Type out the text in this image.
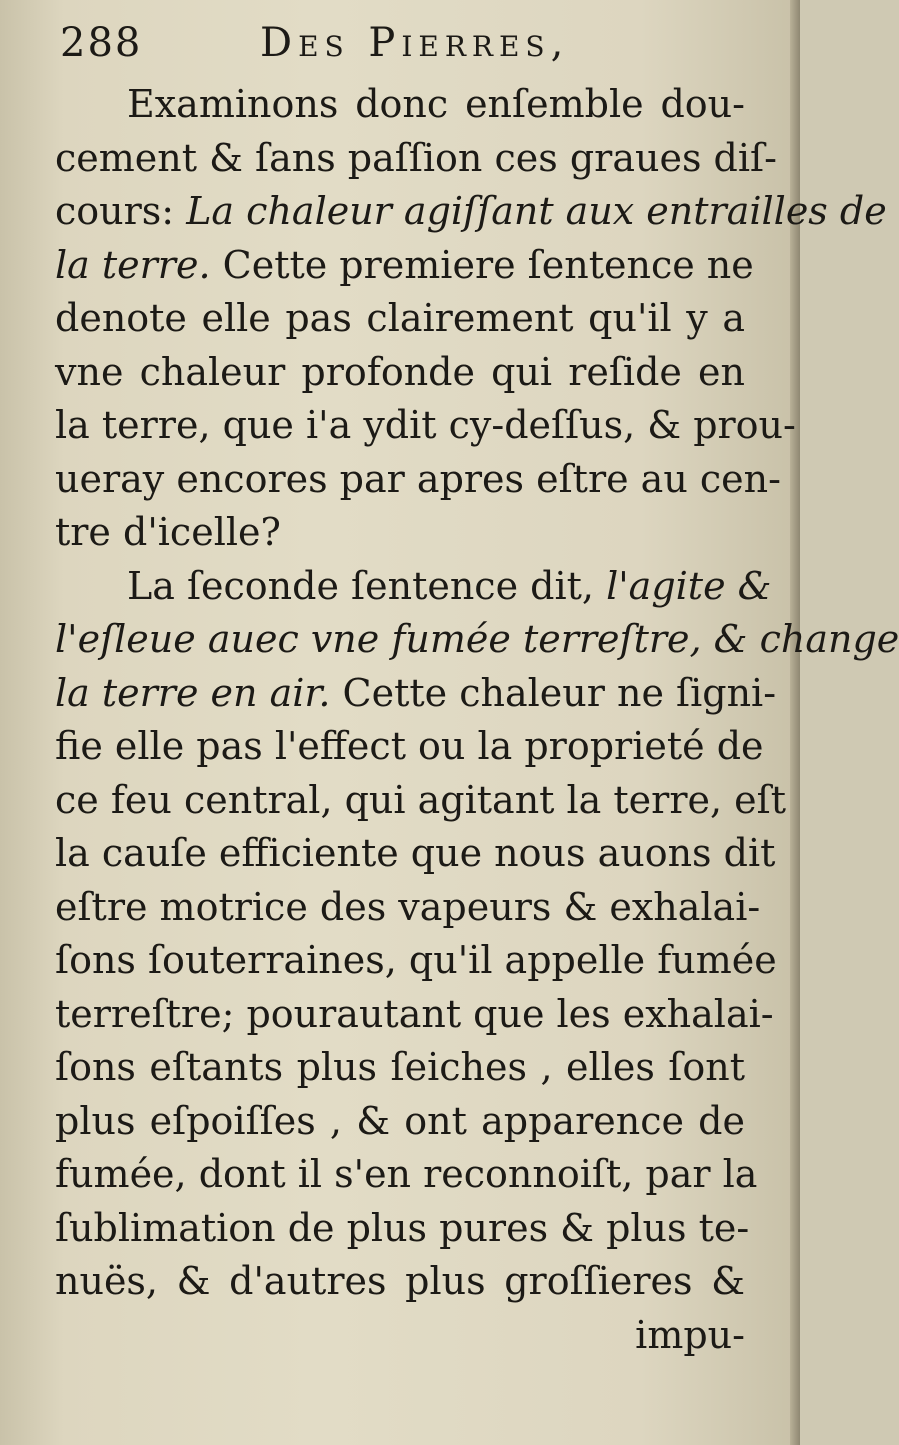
288	Des Pierres,
Examinons donc enſemble dou-
cement & ſans paſſion ces graues diſ-
cours: La chaleur agiſſant aux entrailles de
la terre. Cette premiere ſentence ne
denote elle pas clairement qu'il y a
vne chaleur profonde qui reſide en
la terre, que i'a ydit cy-deſſus, & prou-
ueray encores par apres eſtre au cen-
tre d'icelle?
La ſeconde ſentence dit, l'agite &
l'eſleue auec vne fumée terreſtre, & change
la terre en air. Cette chaleur ne ſigni-
fie elle pas l'effect ou la proprieté de
ce feu central, qui agitant la terre, eſt
la cauſe efficiente que nous auons dit
eſtre motrice des vapeurs & exhalai-
ſons ſouterraines, qu'il appelle fumée
terreſtre; pourautant que les exhalai-
ſons eſtants plus ſeiches , elles ſont
plus eſpoiſſes , & ont apparence de
fumée, dont il s'en reconnoiſt, par la
ſublimation de plus pures & plus te-
nuës, & d'autres plus groſſieres &
impu-
